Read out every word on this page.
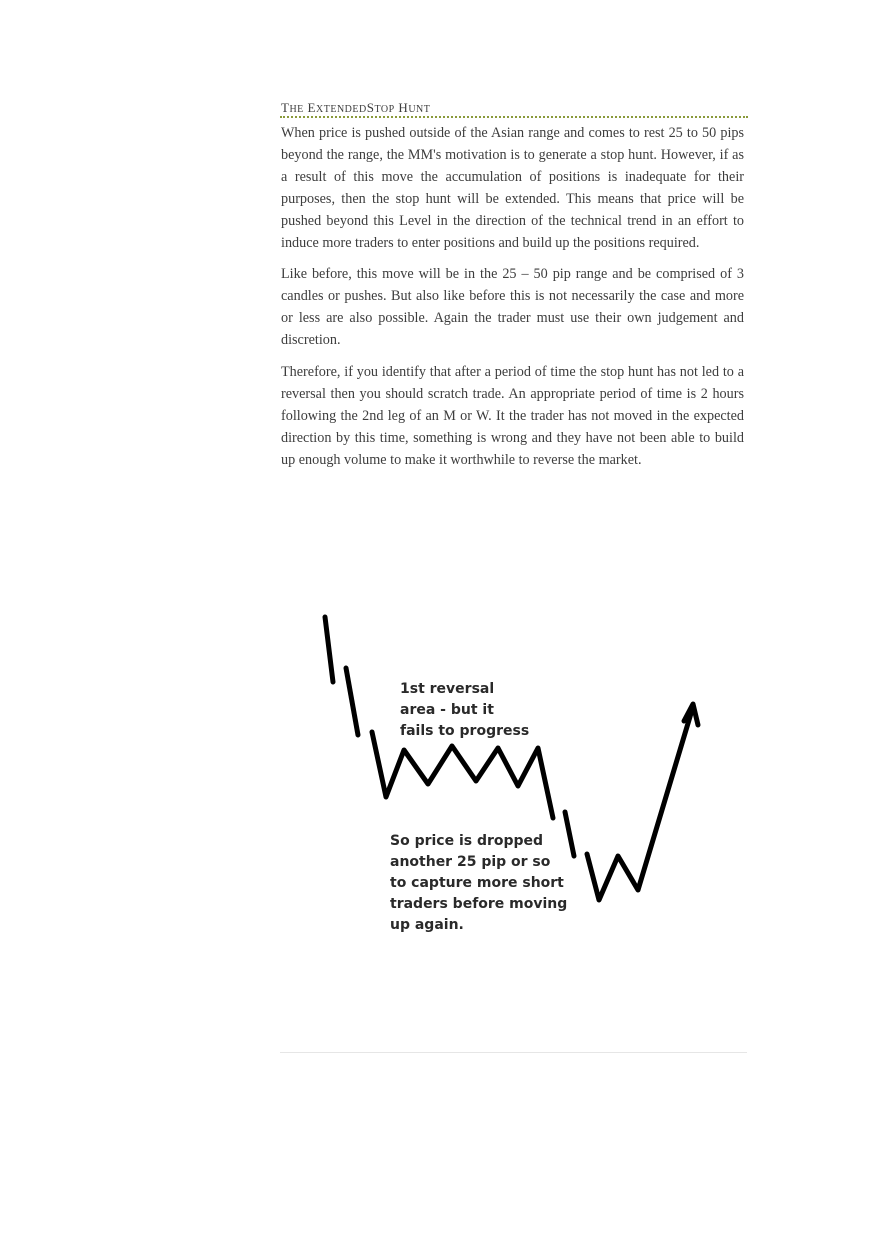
THE EXTENDEDSTOP HUNT

When price is pushed outside of the Asian range and comes to rest 25 to 50 pips beyond the range, the MM's motivation is to generate a stop hunt. However, if as a result of this move the accumulation of positions is inadequate for their purposes, then the stop hunt will be extended. This means that price will be pushed beyond this Level in the direction of the technical trend in an effort to induce more traders to enter positions and build up the positions required.

Like before, this move will be in the 25 – 50 pip range and be comprised of 3 candles or pushes. But also like before this is not necessarily the case and more or less are also possible. Again the trader must use their own judgement and discretion.

Therefore, if you identify that after a period of time the stop hunt has not led to a reversal then you should scratch trade. An appropriate period of time is 2 hours following the 2nd leg of an M or W. It the trader has not moved in the expected direction by this time, something is wrong and they have not been able to build up enough volume to make it worthwhile to reverse the market.

1st reversal
area - but it
fails to progress
So price is dropped
another 25 pip or so
to capture more short
traders before moving
up again.
